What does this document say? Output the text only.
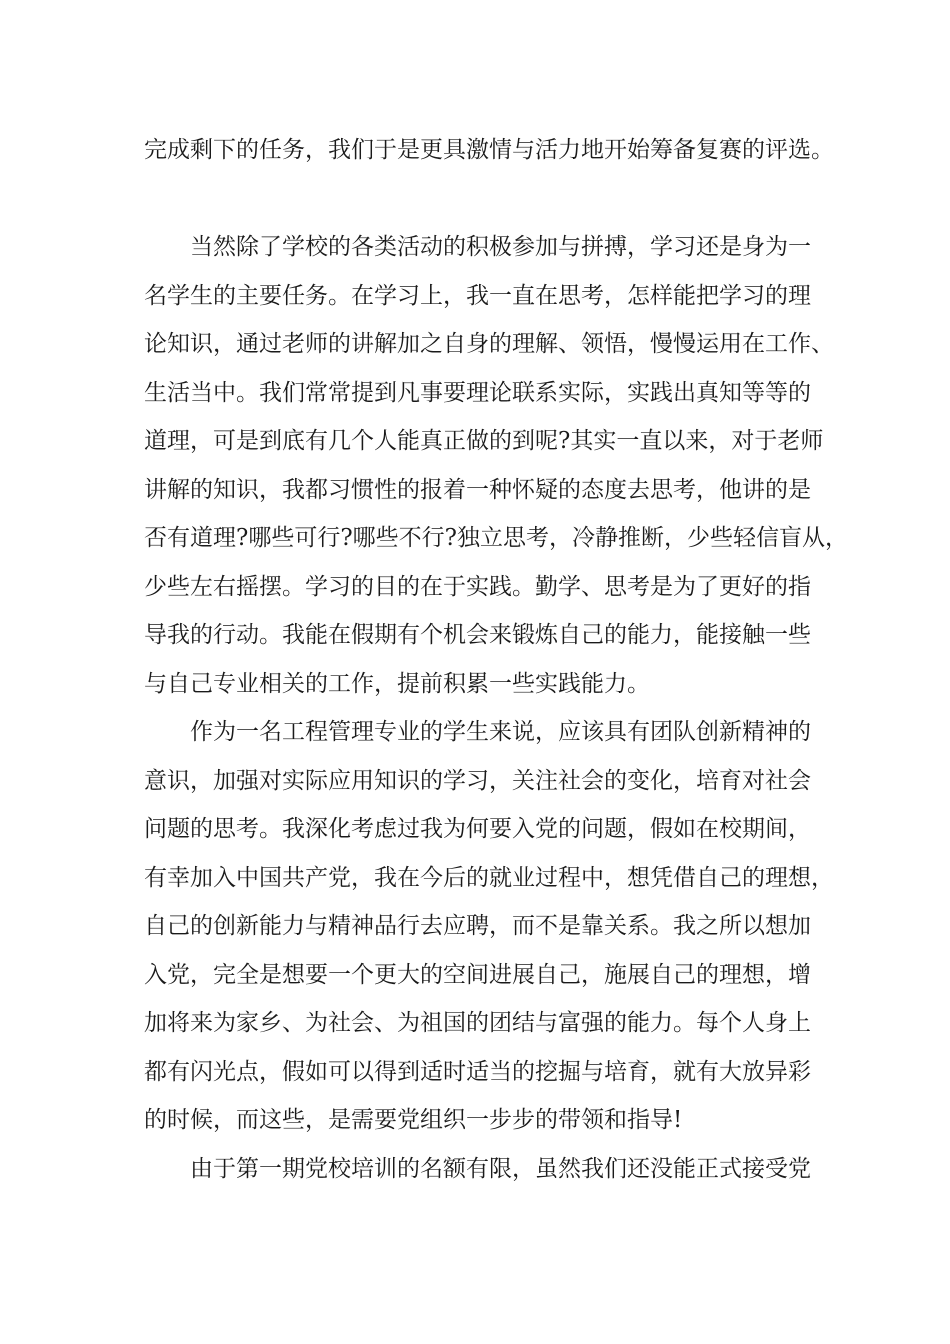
完成剩下的任务，我们于是更具激情与活力地开始筹备复赛的评选。
当然除了学校的各类活动的积极参加与拼搏，学习还是身为一
名学生的主要任务。在学习上，我一直在思考，怎样能把学习的理
论知识，通过老师的讲解加之自身的理解、领悟，慢慢运用在工作、
生活当中。我们常常提到凡事要理论联系实际，实践出真知等等的
道理，可是到底有几个人能真正做的到呢?其实一直以来，对于老师
讲解的知识，我都习惯性的报着一种怀疑的态度去思考，他讲的是
否有道理?哪些可行?哪些不行?独立思考，冷静推断，少些轻信盲从，
少些左右摇摆。学习的目的在于实践。勤学、思考是为了更好的指
导我的行动。我能在假期有个机会来锻炼自己的能力，能接触一些
与自己专业相关的工作，提前积累一些实践能力。
作为一名工程管理专业的学生来说，应该具有团队创新精神的
意识，加强对实际应用知识的学习，关注社会的变化，培育对社会
问题的思考。我深化考虑过我为何要入党的问题，假如在校期间，
有幸加入中国共产党，我在今后的就业过程中，想凭借自己的理想，
自己的创新能力与精神品行去应聘，而不是靠关系。我之所以想加
入党，完全是想要一个更大的空间进展自己，施展自己的理想，增
加将来为家乡、为社会、为祖国的团结与富强的能力。每个人身上
都有闪光点，假如可以得到适时适当的挖掘与培育，就有大放异彩
的时候，而这些，是需要党组织一步步的带领和指导!
由于第一期党校培训的名额有限，虽然我们还没能正式接受党
